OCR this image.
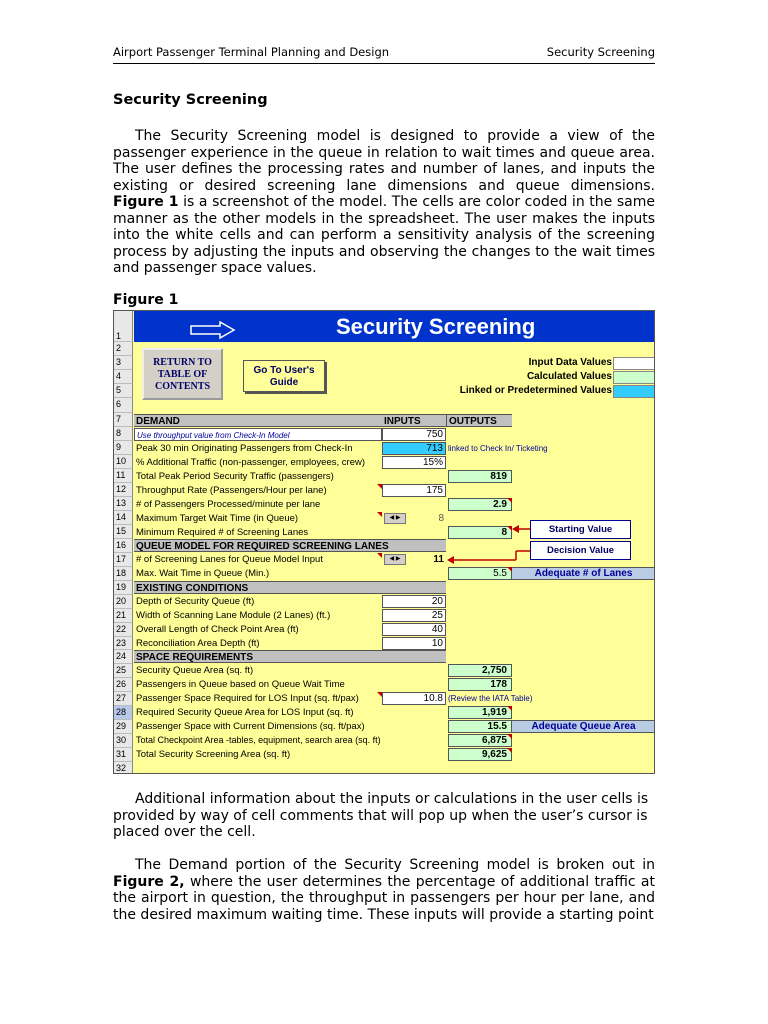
Airport Passenger Terminal Planning and Design	Security Screening
Security Screening

The Security Screening model is designed to provide a view of the passenger experience in the queue in relation to wait times and queue area. The user defines the processing rates and number of lanes, and inputs the existing or desired screening lane dimensions and queue dimensions. Figure 1 is a screenshot of the model. The cells are color coded in the same manner as the other models in the spreadsheet. The user makes the inputs into the white cells and can perform a sensitivity analysis of the screening process by adjusting the inputs and observing the changes to the wait times and passenger space values.

Figure 1
Security Screening
1
2
3
4
5
6
7
8
9
10
11
12
13
14
15
16
17
18
19
20
21
22
23
24
25
26
27
28
29
30
31
32
RETURN TO TABLE OF CONTENTS
Go To User's Guide
Input Data Values
Calculated Values
Linked or Predetermined Values
DEMAND	INPUTS	OUTPUTS
Use throughput value from Check-In Model	750
Peak 30 min Originating Passengers from Check-In	713 linked to Check In/ Ticketing
% Additional Traffic (non-passenger, employees, crew)	15%
Total Peak Period Security Traffic (passengers)	819
Throughput Rate (Passengers/Hour per lane)	175
# of Passengers Processed/minute per lane	2.9
Maximum Target Wait Time (in Queue)	◀ ▶	8
Minimum Required # of Screening Lanes	8
QUEUE MODEL FOR REQUIRED SCREENING LANES
# of Screening Lanes for Queue Model Input	◀ ▶	11
Max. Wait Time in Queue (Min.)	5.5	Adequate # of Lanes
EXISTING CONDITIONS
Depth of Security Queue (ft)	20
Width of Scanning Lane Module (2 Lanes) (ft.)	25
Overall Length of Check Point Area (ft)	40
Reconciliation Area Depth (ft)	10
SPACE REQUIREMENTS
Security Queue Area (sq. ft)	2,750
Passengers in Queue based on Queue Wait Time	178
Passenger Space Required for LOS Input (sq. ft/pax)	10.8 (Review the IATA Table)
Required Security Queue Area for LOS Input (sq. ft)	1,919
Passenger Space with Current Dimensions (sq. ft/pax)	15.5	Adequate Queue Area
Total Checkpoint Area -tables, equipment, search area (sq. ft)	6,875
Total Security Screening Area (sq. ft)	9,625
Starting Value
Decision Value

Additional information about the inputs or calculations in the user cells is provided by way of cell comments that will pop up when the user’s cursor is placed over the cell.

The Demand portion of the Security Screening model is broken out in Figure 2, where the user determines the percentage of additional traffic at the airport in question, the throughput in passengers per hour per lane, and the desired maximum waiting time. These inputs will provide a starting point
